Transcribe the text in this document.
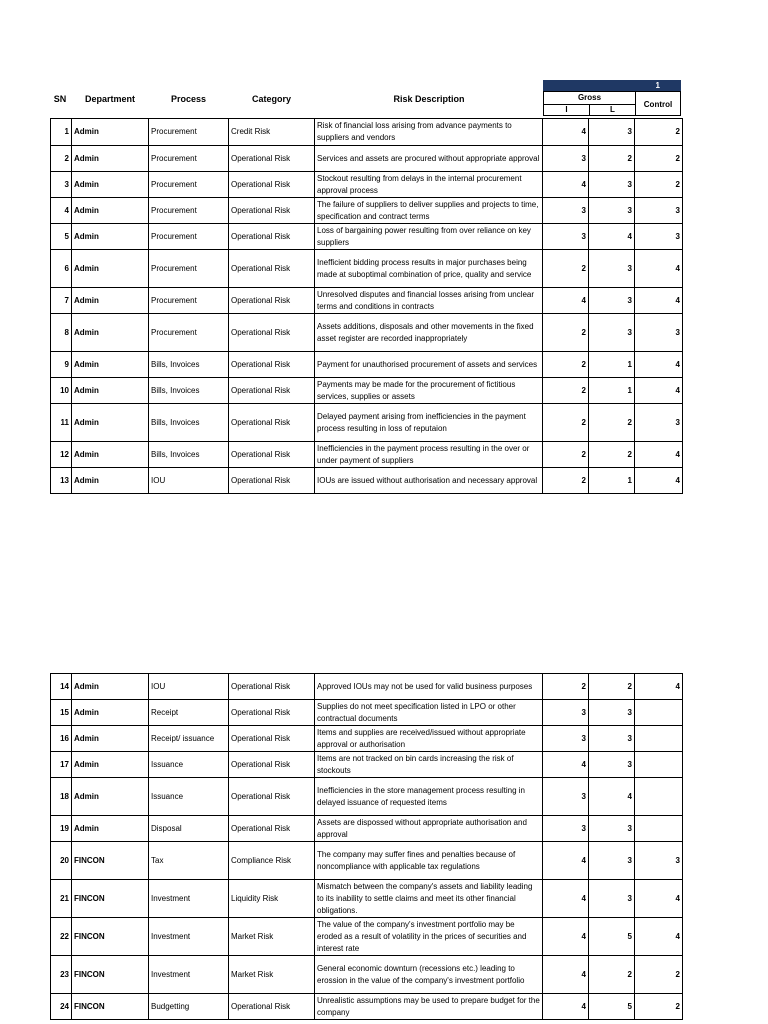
SN	Department	Process	Category	Risk Description
1
Gross
I	L
Control
1	Admin	Procurement	Credit Risk	Risk of financial loss arising from advance payments to suppliers and vendors	4	3	2
2	Admin	Procurement	Operational Risk	Services and assets are procured without appropriate approval	3	2	2
3	Admin	Procurement	Operational Risk	Stockout resulting from delays in the internal procurement approval process	4	3	2
4	Admin	Procurement	Operational Risk	The failure of suppliers to deliver supplies and projects to time, specification and contract terms	3	3	3
5	Admin	Procurement	Operational Risk	Loss of bargaining power resulting from over reliance on key suppliers	3	4	3
6	Admin	Procurement	Operational Risk	Inefficient bidding process results in major purchases being made at suboptimal combination of price, quality and service	2	3	4
7	Admin	Procurement	Operational Risk	Unresolved disputes and financial losses arising from unclear terms and conditions in contracts	4	3	4
8	Admin	Procurement	Operational Risk	Assets additions, disposals and other movements in the fixed asset register are recorded inappropriately	2	3	3
9	Admin	Bills, Invoices	Operational Risk	Payment for unauthorised procurement of assets and services	2	1	4
10	Admin	Bills, Invoices	Operational Risk	Payments may be made for the procurement of fictitious services, supplies or assets	2	1	4
11	Admin	Bills, Invoices	Operational Risk	Delayed payment arising from inefficiencies in the payment process resulting in loss of reputaion	2	2	3
12	Admin	Bills, Invoices	Operational Risk	Inefficiencies in the payment process resulting in the over or under payment of suppliers	2	2	4
13	Admin	IOU	Operational Risk	IOUs are issued without authorisation and necessary approval	2	1	4
14	Admin	IOU	Operational Risk	Approved IOUs may not be used for valid business purposes	2	2	4
15	Admin	Receipt	Operational Risk	Supplies do not meet specification listed in LPO or other contractual documents	3	3	
16	Admin	Receipt/ issuance	Operational Risk	Items and supplies are received/issued without appropriate approval or authorisation	3	3	
17	Admin	Issuance	Operational Risk	Items are not tracked on bin cards increasing the risk of stockouts	4	3	
18	Admin	Issuance	Operational Risk	Inefficiencies in the store management process resulting in delayed issuance of requested items	3	4	
19	Admin	Disposal	Operational Risk	Assets are dispossed without appropriate authorisation and approval	3	3	
20	FINCON	Tax	Compliance Risk	The company may suffer fines and penalties because of noncompliance with applicable tax regulations	4	3	3
21	FINCON	Investment	Liquidity Risk	Mismatch between the company's assets and liability leading to its inability to settle claims and meet its other financial obligations.	4	3	4
22	FINCON	Investment	Market Risk	The value of the company's investment portfolio may be eroded as a result of volatility in the prices of securities and interest rate	4	5	4
23	FINCON	Investment	Market Risk	General economic downturn (recessions etc.) leading to erossion in the value of the company's investment portfolio	4	2	2
24	FINCON	Budgetting	Operational Risk	Unrealistic assumptions may be used to prepare budget for the company	4	5	2
